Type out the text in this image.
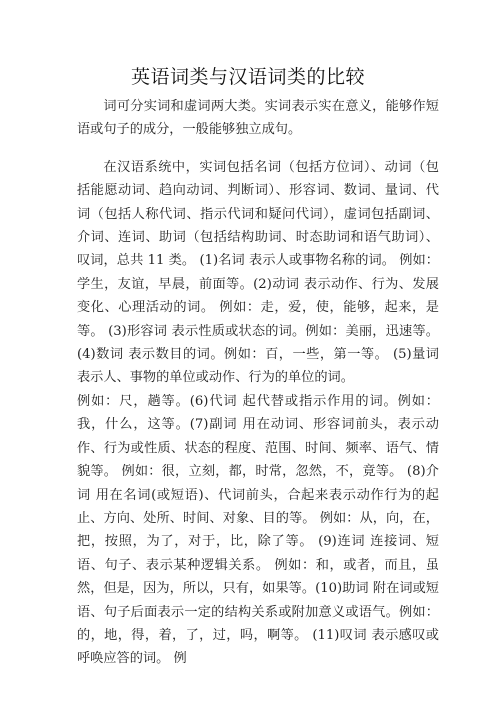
英语词类与汉语词类的比较

词可分实词和虚词两大类。实词表示实在意义，能够作短语或句子的成分，一般能够独立成句。

在汉语系统中，实词包括名词（包括方位词）、动词（包括能愿动词、趋向动词、判断词）、形容词、数词、量词、代词（包括人称代词、指示代词和疑问代词），虚词包括副词、介词、连词、助词（包括结构助词、时态助词和语气助词）、叹词，总共 11 类。 (1)名词 表示人或事物名称的词。 例如：学生，友谊，早晨，前面等。(2)动词 表示动作、行为、发展变化、心理活动的词。 例如：走，爱，使，能够，起来，是等。 (3)形容词 表示性质或状态的词。例如：美丽，迅速等。 (4)数词 表示数目的词。例如：百，一些，第一等。 (5)量词 表示人、事物的单位或动作、行为的单位的词。

例如：尺，趟等。(6)代词 起代替或指示作用的词。例如：我，什么，这等。(7)副词 用在动词、形容词前头，表示动作、行为或性质、状态的程度、范围、时间、频率、语气、情貌等。 例如：很，立刻，都，时常，忽然，不，竟等。 (8)介词 用在名词(或短语)、代词前头，合起来表示动作行为的起止、方向、处所、时间、对象、目的等。 例如：从，向，在，把，按照，为了，对于，比，除了等。 (9)连词 连接词、短语、句子、表示某种逻辑关系。 例如：和，或者，而且，虽然，但是，因为，所以，只有，如果等。(10)助词 附在词或短语、句子后面表示一定的结构关系或附加意义或语气。例如：的，地，得，着，了，过，吗，啊等。 (11)叹词 表示感叹或呼唤应答的词。 例
